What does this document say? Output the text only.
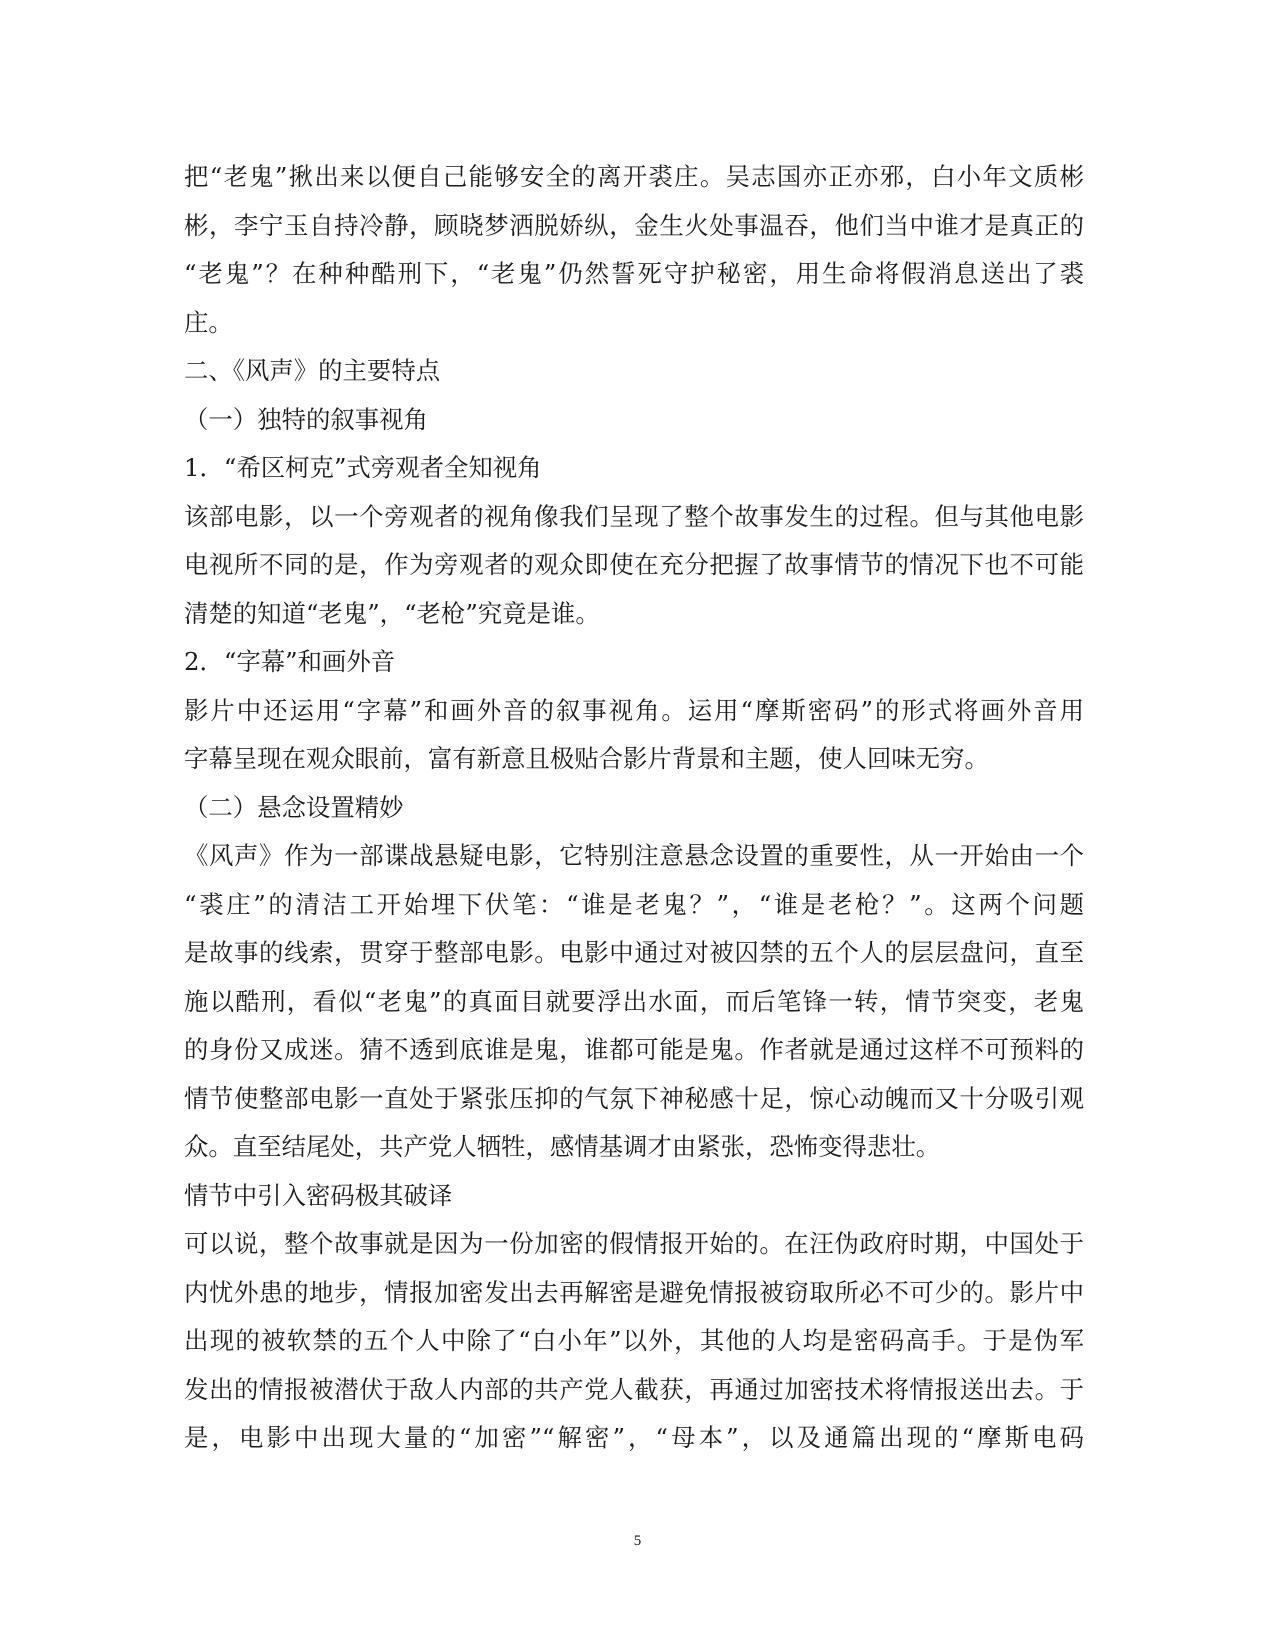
把“老鬼”揪出来以便自己能够安全的离开裘庄。吴志国亦正亦邪，白小年文质彬
彬，李宁玉自持冷静，顾晓梦洒脱娇纵，金生火处事温吞，他们当中谁才是真正的
“老鬼”？在种种酷刑下，“老鬼”仍然誓死守护秘密，用生命将假消息送出了裘
庄。
二、《风声》的主要特点
（一）独特的叙事视角
1．“希区柯克”式旁观者全知视角
该部电影，以一个旁观者的视角像我们呈现了整个故事发生的过程。但与其他电影
电视所不同的是，作为旁观者的观众即使在充分把握了故事情节的情况下也不可能
清楚的知道“老鬼”，“老枪”究竟是谁。
2．“字幕”和画外音
影片中还运用“字幕”和画外音的叙事视角。运用“摩斯密码”的形式将画外音用
字幕呈现在观众眼前，富有新意且极贴合影片背景和主题，使人回味无穷。
（二）悬念设置精妙
《风声》作为一部谍战悬疑电影，它特别注意悬念设置的重要性，从一开始由一个
“裘庄”的清洁工开始埋下伏笔：“谁是老鬼？”，“谁是老枪？”。这两个问题
是故事的线索，贯穿于整部电影。电影中通过对被囚禁的五个人的层层盘问，直至
施以酷刑，看似“老鬼”的真面目就要浮出水面，而后笔锋一转，情节突变，老鬼
的身份又成迷。猜不透到底谁是鬼，谁都可能是鬼。作者就是通过这样不可预料的
情节使整部电影一直处于紧张压抑的气氛下神秘感十足，惊心动魄而又十分吸引观
众。直至结尾处，共产党人牺牲，感情基调才由紧张，恐怖变得悲壮。
情节中引入密码极其破译
可以说，整个故事就是因为一份加密的假情报开始的。在汪伪政府时期，中国处于
内忧外患的地步，情报加密发出去再解密是避免情报被窃取所必不可少的。影片中
出现的被软禁的五个人中除了“白小年”以外，其他的人均是密码高手。于是伪军
发出的情报被潜伏于敌人内部的共产党人截获，再通过加密技术将情报送出去。于
是，电影中出现大量的“加密”“解密”，“母本”，以及通篇出现的“摩斯电码
5
